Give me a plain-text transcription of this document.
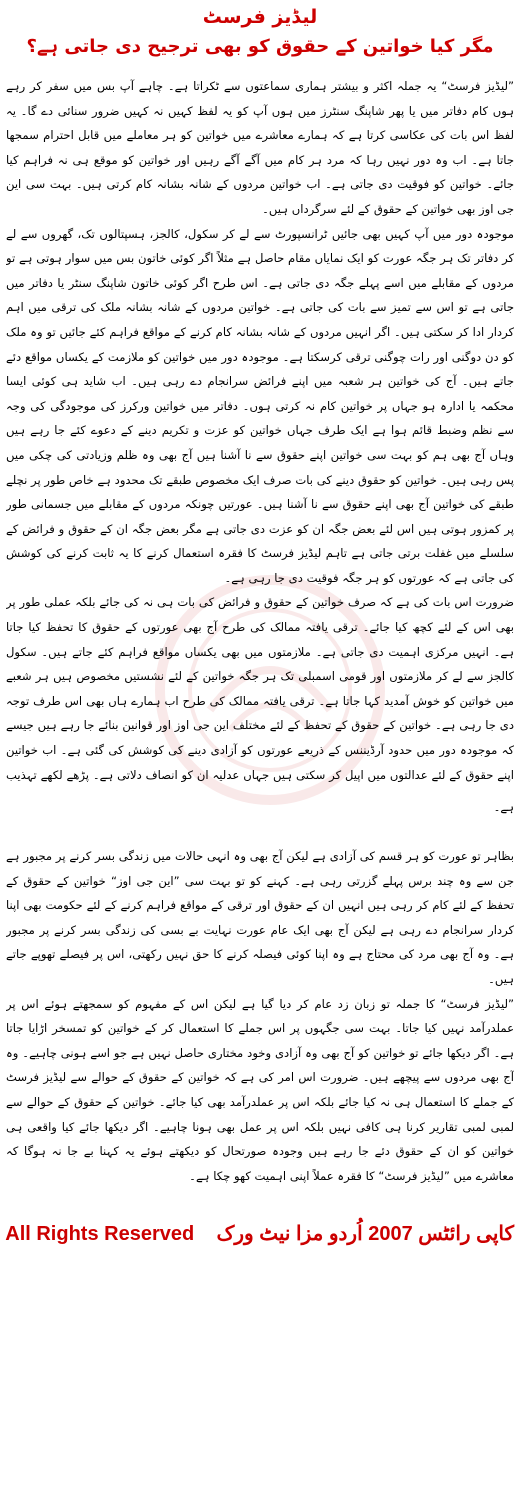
لیڈیز فرسٹ
مگر کیا خواتین کے حقوق کو بھی ترجیح دی جاتی ہے؟

”لیڈیز فرسٹ“ یہ جملہ اکثر و بیشتر ہماری سماعتوں سے ٹکراتا ہے۔ چاہے آپ بس میں سفر کر رہے ہوں کام دفاتر میں یا پھر شاپنگ سنٹرز میں ہوں آپ کو یہ لفظ کہیں نہ کہیں ضرور سنائی دے گا۔ یہ لفظ اس بات کی عکاسی کرتا ہے کہ ہمارے معاشرے میں خواتین کو ہر معاملے میں قابل احترام سمجھا جاتا ہے۔ اب وہ دور نہیں رہا کہ مرد ہر کام میں آگے آگے رہیں اور خواتین کو موقع ہی نہ فراہم کیا جائے۔ خواتین کو فوقیت دی جاتی ہے۔ اب خواتین مردوں کے شانہ بشانہ کام کرتی ہیں۔ بہت سی این جی اوز بھی خواتین کے حقوق کے لئے سرگرداں ہیں۔

موجودہ دور میں آپ کہیں بھی جائیں ٹرانسپورٹ سے لے کر سکول، کالجز، ہسپتالوں تک، گھروں سے لے کر دفاتر تک ہر جگہ عورت کو ایک نمایاں مقام حاصل ہے مثلاً اگر کوئی خاتون بس میں سوار ہوتی ہے تو مردوں کے مقابلے میں اسے پہلے جگہ دی جاتی ہے۔ اس طرح اگر کوئی خاتون شاپنگ سنٹر یا دفاتر میں جاتی ہے تو اس سے تمیز سے بات کی جاتی ہے۔ خواتین مردوں کے شانہ بشانہ ملک کی ترقی میں اہم کردار ادا کر سکتی ہیں۔ اگر انہیں مردوں کے شانہ بشانہ کام کرنے کے مواقع فراہم کئے جائیں تو وہ ملک کو دن دوگنی اور رات چوگنی ترقی کرسکتا ہے۔ موجودہ دور میں خواتین کو ملازمت کے یکساں مواقع دئے جاتے ہیں۔ آج کی خواتین ہر شعبہ میں اپنے فرائض سرانجام دے رہی ہیں۔ اب شاید ہی کوئی ایسا محکمہ یا ادارہ ہو جہاں پر خواتین کام نہ کرتی ہوں۔ دفاتر میں خواتین ورکرز کی موجودگی کی وجہ سے نظم وضبط قائم ہوا ہے ایک طرف جہاں خواتین کو عزت و تکریم دینے کے دعوے کئے جا رہے ہیں وہاں آج بھی ہم کو بہت سی خواتین اپنے حقوق سے نا آشنا ہیں آج بھی وہ ظلم وزیادتی کی چکی میں پس رہی ہیں۔ خواتین کو حقوق دینے کی بات صرف ایک مخصوص طبقے تک محدود ہے خاص طور پر نچلے طبقے کی خواتین آج بھی اپنے حقوق سے نا آشنا ہیں۔ عورتیں چونکہ مردوں کے مقابلے میں جسمانی طور پر کمزور ہوتی ہیں اس لئے بعض جگہ ان کو عزت دی جاتی ہے مگر بعض جگہ ان کے حقوق و فرائض کے سلسلے میں غفلت برتی جاتی ہے تاہم لیڈیز فرسٹ کا فقرہ استعمال کرنے کا یہ ثابت کرنے کی کوشش کی جاتی ہے کہ عورتوں کو ہر جگہ فوقیت دی جا رہی ہے۔

ضرورت اس بات کی ہے کہ صرف خواتین کے حقوق و فرائض کی بات ہی نہ کی جائے بلکہ عملی طور پر بھی اس کے لئے کچھ کیا جائے۔ ترقی یافتہ ممالک کی طرح آج بھی عورتوں کے حقوق کا تحفظ کیا جاتا ہے۔ انہیں مرکزی اہمیت دی جاتی ہے۔ ملازمتوں میں بھی یکساں مواقع فراہم کئے جاتے ہیں۔ سکول کالجز سے لے کر ملازمتوں اور قومی اسمبلی تک ہر جگہ خواتین کے لئے نشستیں مخصوص ہیں ہر شعبے میں خواتین کو خوش آمدید کہا جاتا ہے۔ ترقی یافتہ ممالک کی طرح اب ہمارے ہاں بھی اس طرف توجہ دی جا رہی ہے۔ خواتین کے حقوق کے تحفظ کے لئے مختلف این جی اوز اور قوانین بنائے جا رہے ہیں جیسے کہ موجودہ دور میں حدود آرڈیننس کے ذریعے عورتوں کو آزادی دینے کی کوشش کی گئی ہے۔ اب خواتین اپنے حقوق کے لئے عدالتوں میں اپیل کر سکتی ہیں جہاں عدلیہ ان کو انصاف دلاتی ہے۔ پڑھے لکھے تہذیب

ہے۔

بظاہر تو عورت کو ہر قسم کی آزادی ہے لیکن آج بھی وہ انہی حالات میں زندگی بسر کرنے پر مجبور ہے جن سے وہ چند برس پہلے گزرتی رہی ہے۔ کہنے کو تو بہت سی ”این جی اوز“ خواتین کے حقوق کے تحفظ کے لئے کام کر رہی ہیں انہیں ان کے حقوق اور ترقی کے مواقع فراہم کرنے کے لئے حکومت بھی اپنا کردار سرانجام دے رہی ہے لیکن آج بھی ایک عام عورت نہایت بے بسی کی زندگی بسر کرنے پر مجبور ہے۔ وہ آج بھی مرد کی محتاج ہے وہ اپنا کوئی فیصلہ کرنے کا حق نہیں رکھتی، اس پر فیصلے تھوپے جاتے ہیں۔

”لیڈیز فرسٹ“ کا جملہ تو زبان زد عام کر دیا گیا ہے لیکن اس کے مفہوم کو سمجھتے ہوئے اس پر عملدرآمد نہیں کیا جاتا۔ بہت سی جگہوں پر اس جملے کا استعمال کر کے خواتین کو تمسخر اڑایا جاتا ہے۔ اگر دیکھا جائے تو خواتین کو آج بھی وہ آزادی وخود مختاری حاصل نہیں ہے جو اسے ہونی چاہیے۔ وہ آج بھی مردوں سے پیچھے ہیں۔ ضرورت اس امر کی ہے کہ خواتین کے حقوق کے حوالے سے لیڈیز فرسٹ کے جملے کا استعمال ہی نہ کیا جائے بلکہ اس پر عملدرآمد بھی کیا جائے۔ خواتین کے حقوق کے حوالے سے لمبی لمبی تقاریر کرنا ہی کافی نہیں بلکہ اس پر عمل بھی ہونا چاہیے۔ اگر دیکھا جائے کیا واقعی ہی خواتین کو ان کے حقوق دئے جا رہے ہیں وجودہ صورتحال کو دیکھتے ہوئے یہ کہنا بے جا نہ ہوگا کہ معاشرے میں ”لیڈیز فرسٹ“ کا فقرہ عملاً اپنی اہمیت کھو چکا ہے۔

کاپی رائٹس 2007 اُردو مزا نیٹ ورک    All Rights Reserved
